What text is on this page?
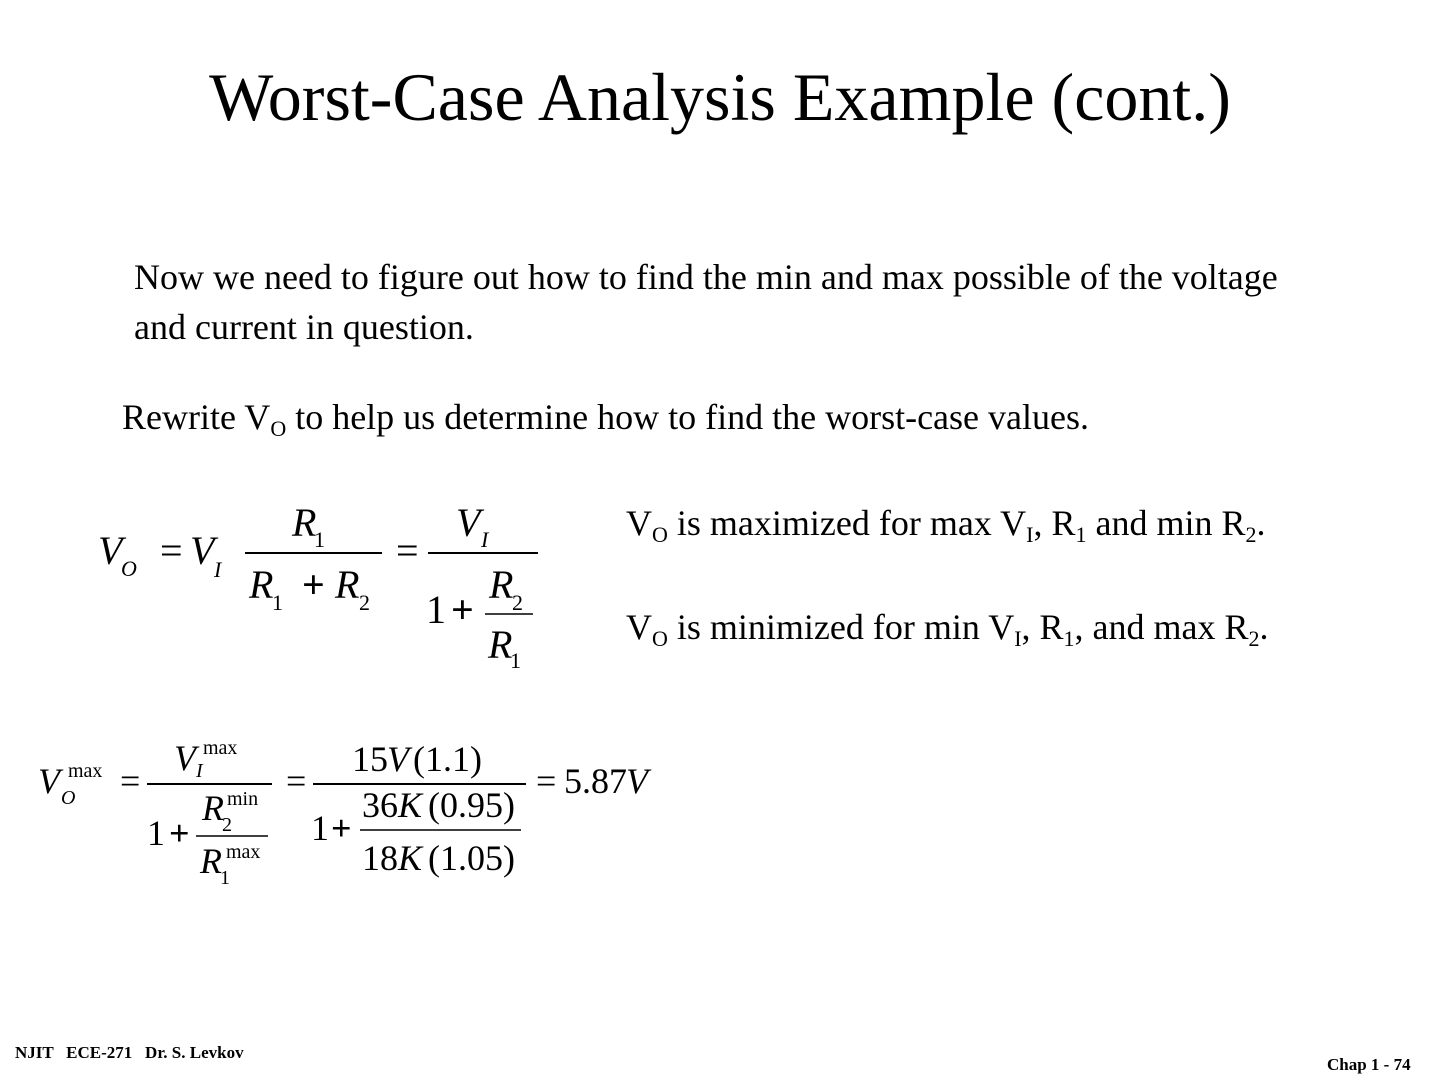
Worst-Case Analysis Example (cont.)
Now we need to figure out how to find the min and max possible of the voltage and current in question.
Rewrite $V_O$ to help us determine how to find the worst-case values.
$V_O$ is maximized for $\max V_I$, $R_1$ and $\min R_2$.
$V_O$ is minimized for $\min V_I$, $R_1$, and $\max R_2$.
V
O = V I
R
1
R
1 + R 2
=
V I
1 +
R
2
R
1
V max
O =
V max
I
1 +
R min
2
R max
1
=
15 V (1.1)
1 +
36 K (0.95)
18 K (1.05)
= 5.87 V
NJIT   ECE-271   Dr. S. Levkov
Chap 1 - 74
